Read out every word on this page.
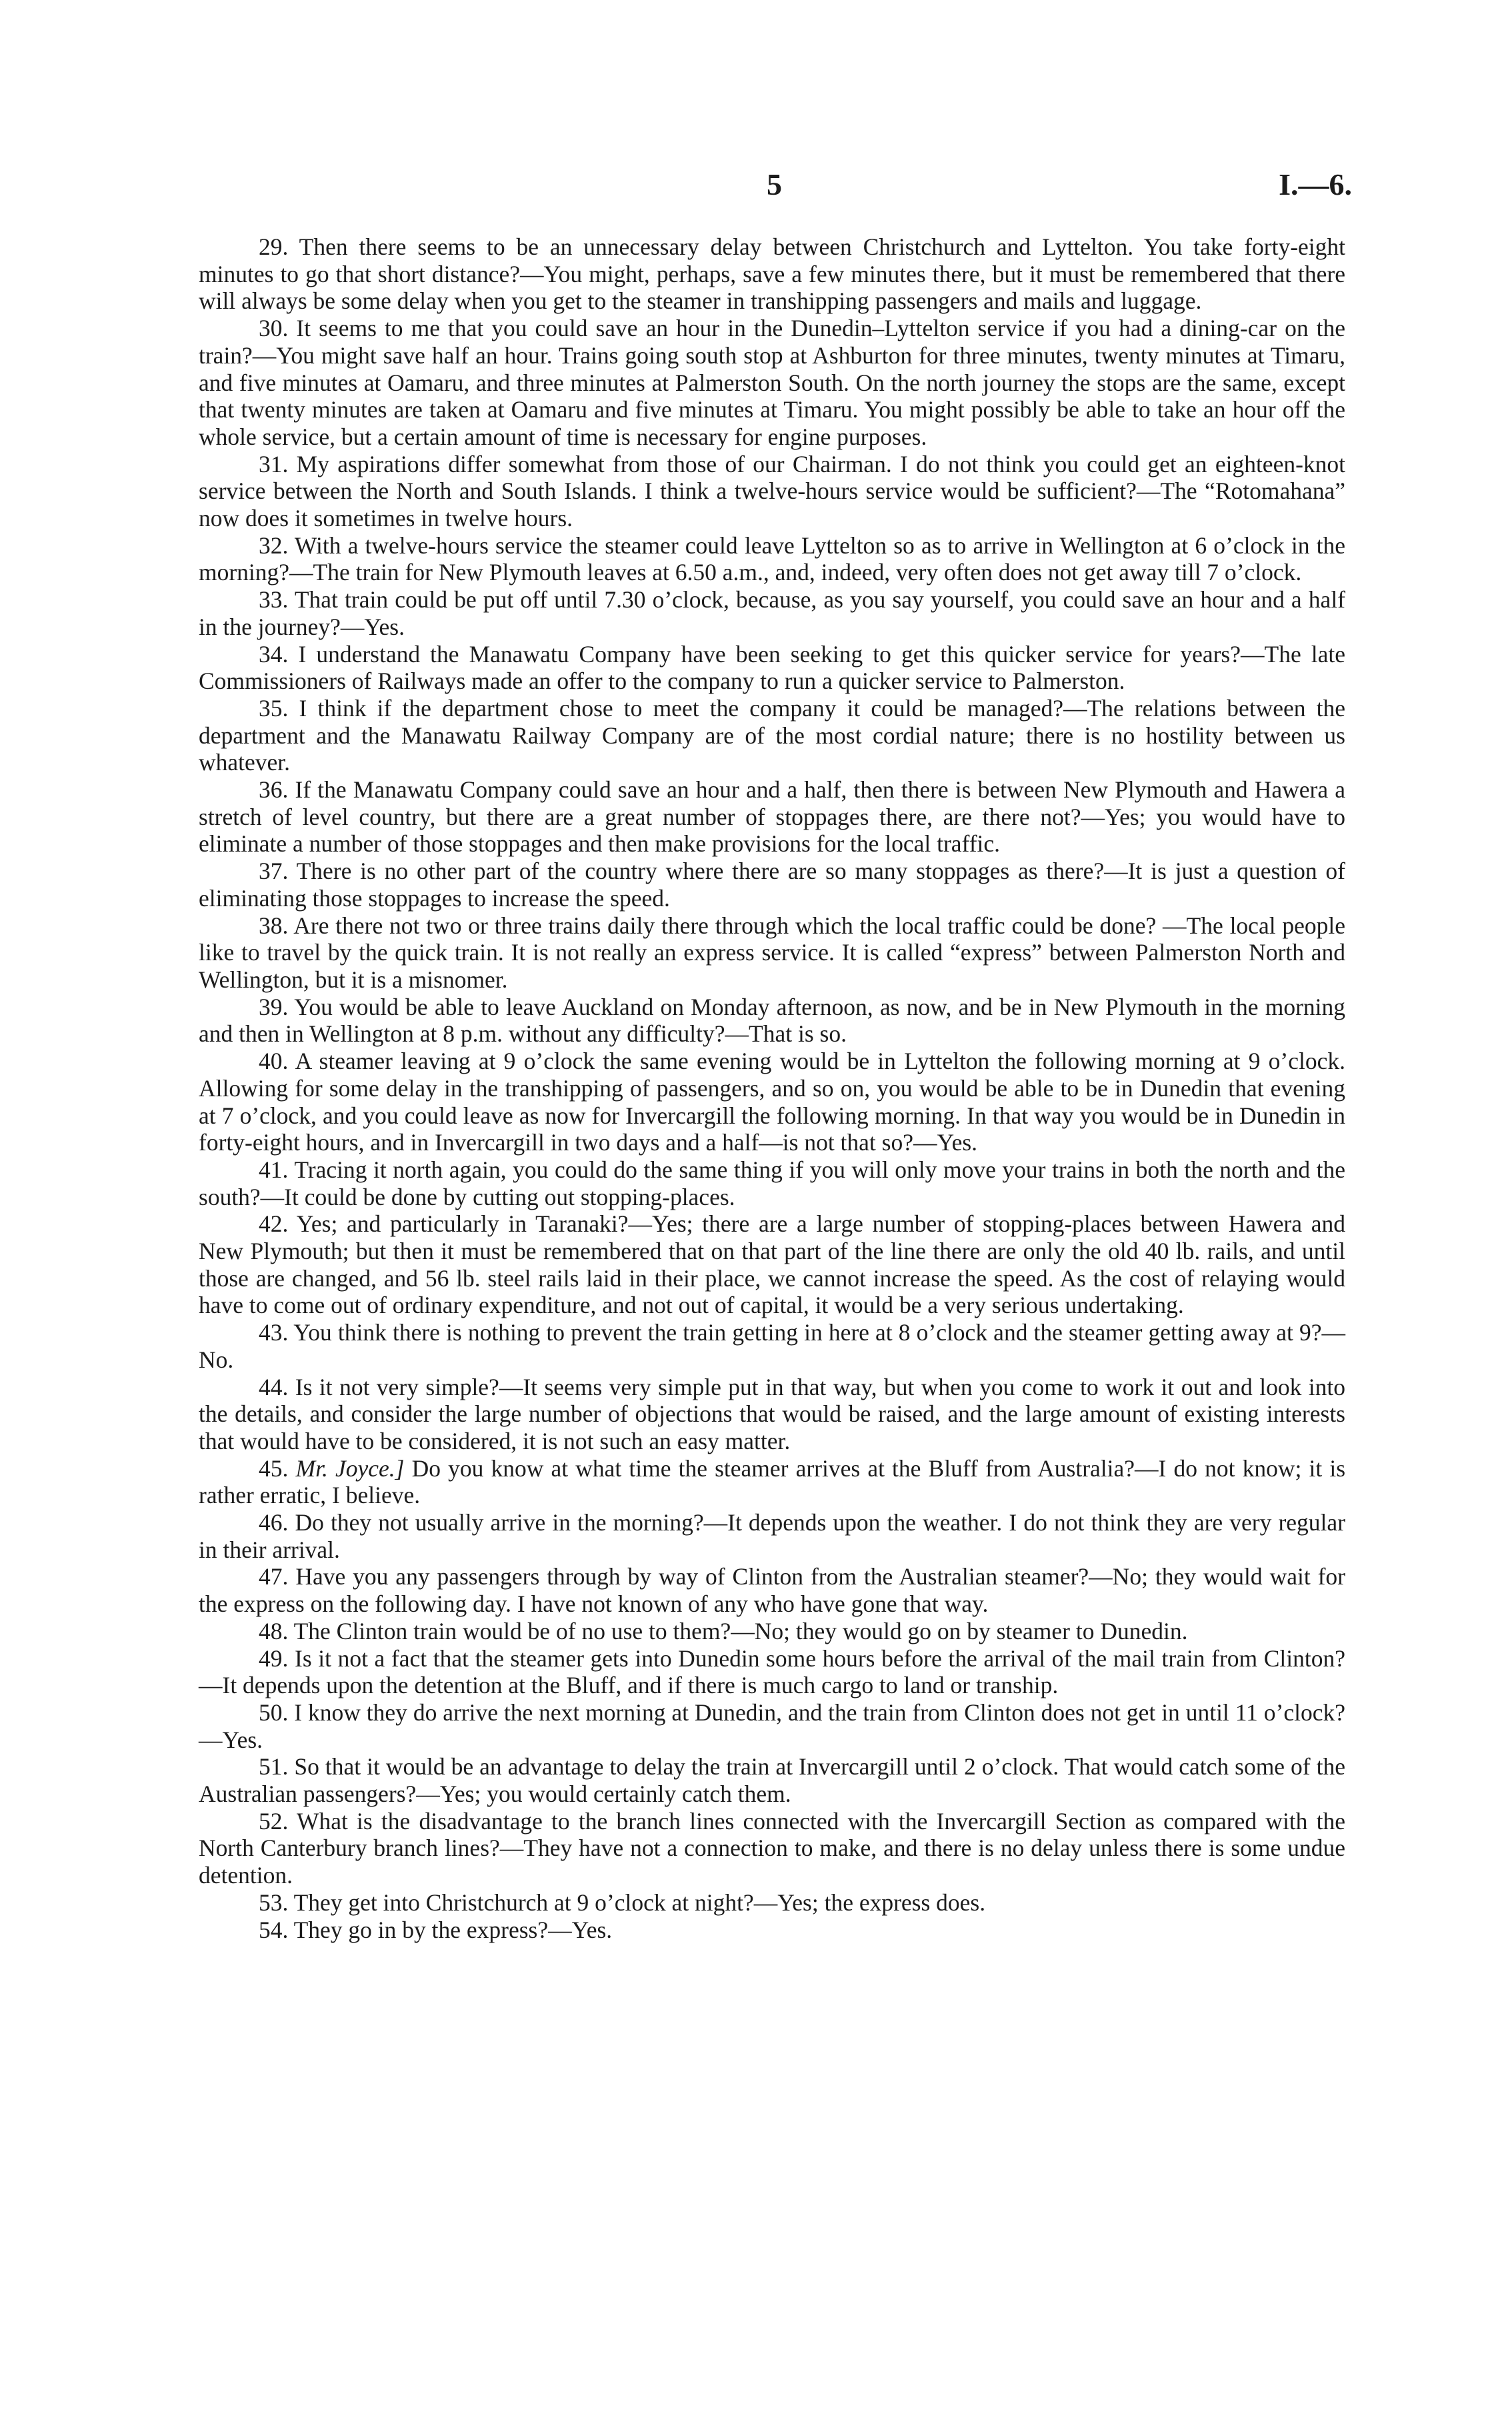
5	I.—6.

29. Then there seems to be an unnecessary delay between Christchurch and Lyttelton. You take forty-eight minutes to go that short distance?—You might, perhaps, save a few minutes there, but it must be remembered that there will always be some delay when you get to the steamer in transhipping passengers and mails and luggage.

30. It seems to me that you could save an hour in the Dunedin–Lyttelton service if you had a dining-car on the train?—You might save half an hour. Trains going south stop at Ashburton for three minutes, twenty minutes at Timaru, and five minutes at Oamaru, and three minutes at Palmerston South. On the north journey the stops are the same, except that twenty minutes are taken at Oamaru and five minutes at Timaru. You might possibly be able to take an hour off the whole service, but a certain amount of time is necessary for engine purposes.

31. My aspirations differ somewhat from those of our Chairman. I do not think you could get an eighteen-knot service between the North and South Islands. I think a twelve-hours service would be sufficient?—The “Rotomahana” now does it sometimes in twelve hours.

32. With a twelve-hours service the steamer could leave Lyttelton so as to arrive in Wellington at 6 o’clock in the morning?—The train for New Plymouth leaves at 6.50 a.m., and, indeed, very often does not get away till 7 o’clock.

33. That train could be put off until 7.30 o’clock, because, as you say yourself, you could save an hour and a half in the journey?—Yes.

34. I understand the Manawatu Company have been seeking to get this quicker service for years?—The late Commissioners of Railways made an offer to the company to run a quicker service to Palmerston.

35. I think if the department chose to meet the company it could be managed?—The relations between the department and the Manawatu Railway Company are of the most cordial nature; there is no hostility between us whatever.

36. If the Manawatu Company could save an hour and a half, then there is between New Plymouth and Hawera a stretch of level country, but there are a great number of stoppages there, are there not?—Yes; you would have to eliminate a number of those stoppages and then make provisions for the local traffic.

37. There is no other part of the country where there are so many stoppages as there?—It is just a question of eliminating those stoppages to increase the speed.

38. Are there not two or three trains daily there through which the local traffic could be done? —The local people like to travel by the quick train. It is not really an express service. It is called “express” between Palmerston North and Wellington, but it is a misnomer.

39. You would be able to leave Auckland on Monday afternoon, as now, and be in New Plymouth in the morning and then in Wellington at 8 p.m. without any difficulty?—That is so.

40. A steamer leaving at 9 o’clock the same evening would be in Lyttelton the following morning at 9 o’clock. Allowing for some delay in the transhipping of passengers, and so on, you would be able to be in Dunedin that evening at 7 o’clock, and you could leave as now for Invercargill the following morning. In that way you would be in Dunedin in forty-eight hours, and in Invercargill in two days and a half—is not that so?—Yes.

41. Tracing it north again, you could do the same thing if you will only move your trains in both the north and the south?—It could be done by cutting out stopping-places.

42. Yes; and particularly in Taranaki?—Yes; there are a large number of stopping-places between Hawera and New Plymouth; but then it must be remembered that on that part of the line there are only the old 40 lb. rails, and until those are changed, and 56 lb. steel rails laid in their place, we cannot increase the speed. As the cost of relaying would have to come out of ordinary expenditure, and not out of capital, it would be a very serious undertaking.

43. You think there is nothing to prevent the train getting in here at 8 o’clock and the steamer getting away at 9?—No.

44. Is it not very simple?—It seems very simple put in that way, but when you come to work it out and look into the details, and consider the large number of objections that would be raised, and the large amount of existing interests that would have to be considered, it is not such an easy matter.

45. Mr. Joyce.] Do you know at what time the steamer arrives at the Bluff from Australia?—I do not know; it is rather erratic, I believe.

46. Do they not usually arrive in the morning?—It depends upon the weather. I do not think they are very regular in their arrival.

47. Have you any passengers through by way of Clinton from the Australian steamer?—No; they would wait for the express on the following day. I have not known of any who have gone that way.

48. The Clinton train would be of no use to them?—No; they would go on by steamer to Dunedin.

49. Is it not a fact that the steamer gets into Dunedin some hours before the arrival of the mail train from Clinton?—It depends upon the detention at the Bluff, and if there is much cargo to land or tranship.

50. I know they do arrive the next morning at Dunedin, and the train from Clinton does not get in until 11 o’clock?—Yes.

51. So that it would be an advantage to delay the train at Invercargill until 2 o’clock. That would catch some of the Australian passengers?—Yes; you would certainly catch them.

52. What is the disadvantage to the branch lines connected with the Invercargill Section as compared with the North Canterbury branch lines?—They have not a connection to make, and there is no delay unless there is some undue detention.

53. They get into Christchurch at 9 o’clock at night?—Yes; the express does.

54. They go in by the express?—Yes.
